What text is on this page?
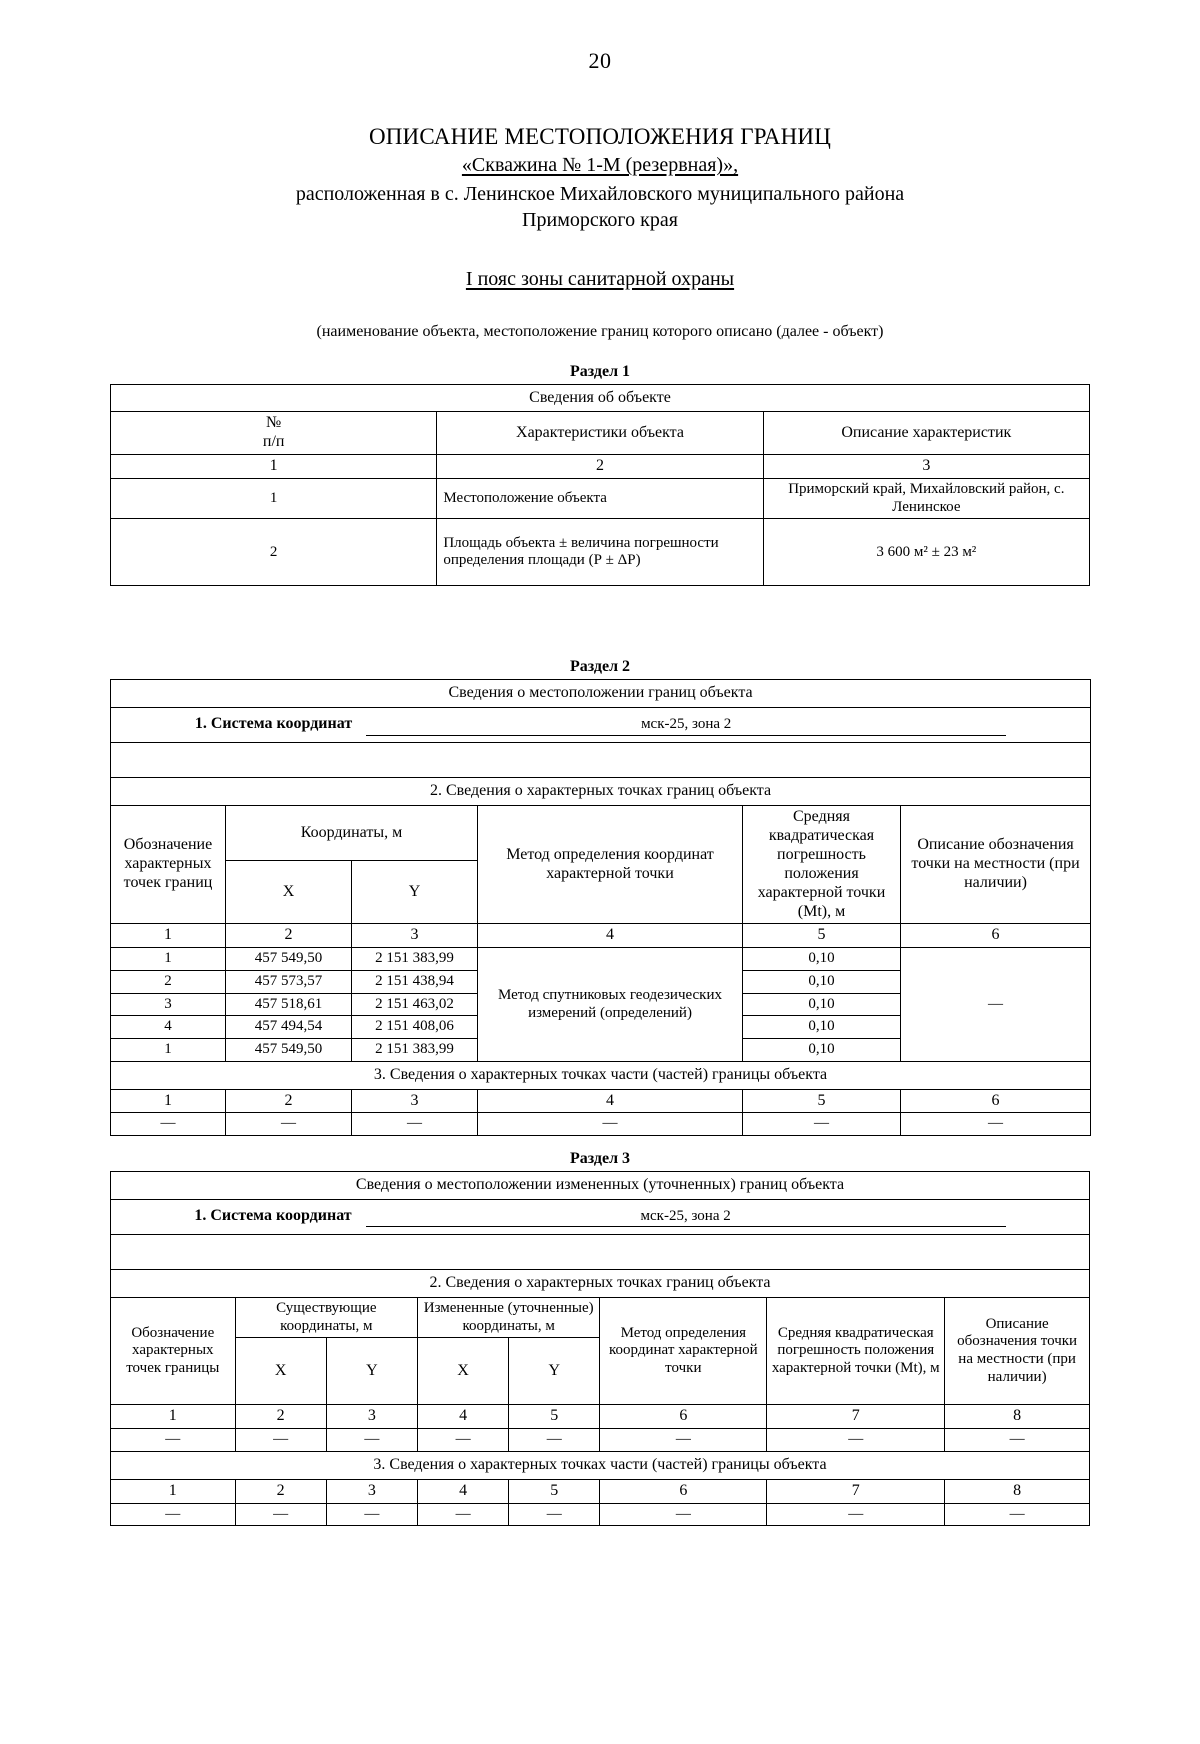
20
ОПИСАНИЕ МЕСТОПОЛОЖЕНИЯ ГРАНИЦ
«Скважина № 1-М (резервная)»,
расположенная в с. Ленинское Михайловского муниципального района
Приморского края
I пояс зоны санитарной охраны
(наименование объекта, местоположение границ которого описано (далее - объект)
Раздел 1
Сведения об объекте		

№
п/п	Характеристики объекта	Описание характеристик
1	2	3
1	Местоположение объекта	Приморский край, Михайловский район, с. Ленинское
2	Площадь объекта ± величина погрешности определения площади (Р ± ΔР)	3 600 м² ± 23 м²
Раздел 2
Сведения о местоположении границ объекта					
1. Система координат мск-25, зона 2					

2. Сведения о характерных точках границ объекта					
Обозначение характерных точек границ	Координаты, м		Метод определения координат характерной точки	Средняя квадратическая погрешность положения характерной точки (Mt), м	Описание обозначения точки на местности (при наличии)
	X	Y			
1	2	3	4	5	6
1	457 549,50	2 151 383,99	Метод спутниковых геодезических измерений (определений)	0,10	—
2	457 573,57	2 151 438,94		0,10	
3	457 518,61	2 151 463,02		0,10	
4	457 494,54	2 151 408,06		0,10	
1	457 549,50	2 151 383,99		0,10	
3. Сведения о характерных точках части (частей) границы объекта					
1	2	3	4	5	6
—	—	—	—	—	—
Раздел 3
Сведения о местоположении измененных (уточненных) границ объекта							
1. Система координат мск-25, зона 2							

2. Сведения о характерных точках границ объекта							
Обозначение характерных точек границы	Существующие координаты, м		Измененные (уточненные) координаты, м		Метод определения координат характерной точки	Средняя квадратическая погрешность положения характерной точки (Mt), м	Описание обозначения точки на местности (при наличии)
	X	Y	X	Y			
1	2	3	4	5	6	7	8
—	—	—	—	—	—	—	—
3. Сведения о характерных точках части (частей) границы объекта							
1	2	3	4	5	6	7	8
—	—	—	—	—	—	—	—
